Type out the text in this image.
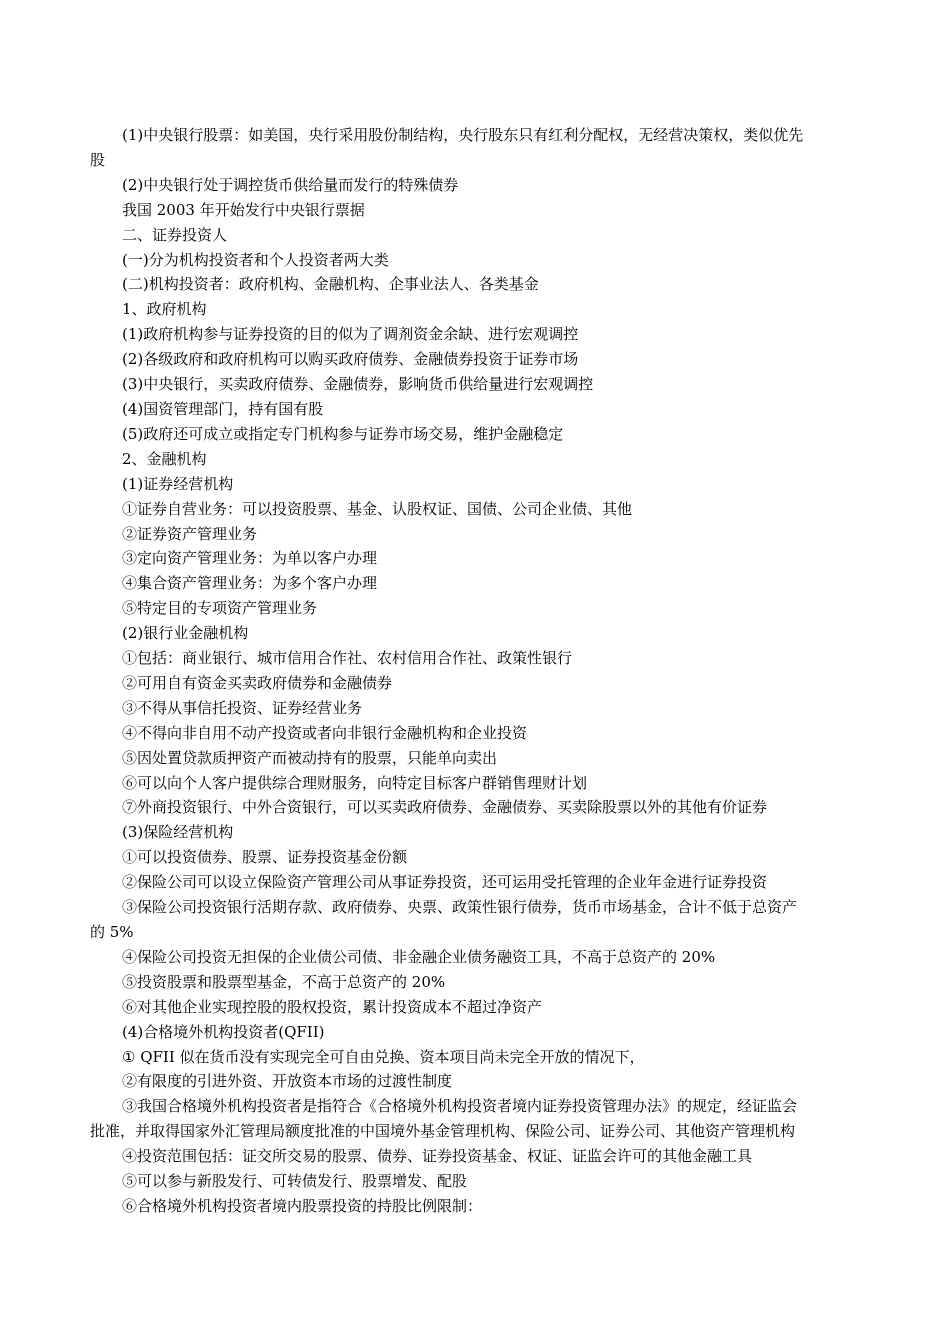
(1)中央银行股票：如美国，央行采用股份制结构，央行股东只有红利分配权，无经营决策权，类似优先

股

(2)中央银行处于调控货币供给量而发行的特殊债券

我国 2003 年开始发行中央银行票据

二、证券投资人

(一)分为机构投资者和个人投资者两大类

(二)机构投资者：政府机构、金融机构、企事业法人、各类基金

1、政府机构

(1)政府机构参与证券投资的目的似为了调剂资金余缺、进行宏观调控

(2)各级政府和政府机构可以购买政府债券、金融债券投资于证券市场

(3)中央银行，买卖政府债券、金融债券，影响货币供给量进行宏观调控

(4)国资管理部门，持有国有股

(5)政府还可成立或指定专门机构参与证券市场交易，维护金融稳定

2、金融机构

(1)证券经营机构

①证券自营业务：可以投资股票、基金、认股权证、国债、公司企业债、其他

②证券资产管理业务

③定向资产管理业务：为单以客户办理

④集合资产管理业务：为多个客户办理

⑤特定目的专项资产管理业务

(2)银行业金融机构

①包括：商业银行、城市信用合作社、农村信用合作社、政策性银行

②可用自有资金买卖政府债券和金融债券

③不得从事信托投资、证券经营业务

④不得向非自用不动产投资或者向非银行金融机构和企业投资

⑤因处置贷款质押资产而被动持有的股票，只能单向卖出

⑥可以向个人客户提供综合理财服务，向特定目标客户群销售理财计划

⑦外商投资银行、中外合资银行，可以买卖政府债券、金融债券、买卖除股票以外的其他有价证券

(3)保险经营机构

①可以投资债券、股票、证券投资基金份额

②保险公司可以设立保险资产管理公司从事证券投资，还可运用受托管理的企业年金进行证券投资

③保险公司投资银行活期存款、政府债券、央票、政策性银行债券，货币市场基金，合计不低于总资产

的 5%

④保险公司投资无担保的企业债公司债、非金融企业债务融资工具，不高于总资产的 20%

⑤投资股票和股票型基金，不高于总资产的 20%

⑥对其他企业实现控股的股权投资，累计投资成本不超过净资产

(4)合格境外机构投资者(QFII)

① QFII 似在货币没有实现完全可自由兑换、资本项目尚未完全开放的情况下，

②有限度的引进外资、开放资本市场的过渡性制度

③我国合格境外机构投资者是指符合《合格境外机构投资者境内证券投资管理办法》的规定，经证监会

批准，并取得国家外汇管理局额度批准的中国境外基金管理机构、保险公司、证券公司、其他资产管理机构

④投资范围包括：证交所交易的股票、债券、证券投资基金、权证、证监会许可的其他金融工具

⑤可以参与新股发行、可转债发行、股票增发、配股

⑥合格境外机构投资者境内股票投资的持股比例限制：
